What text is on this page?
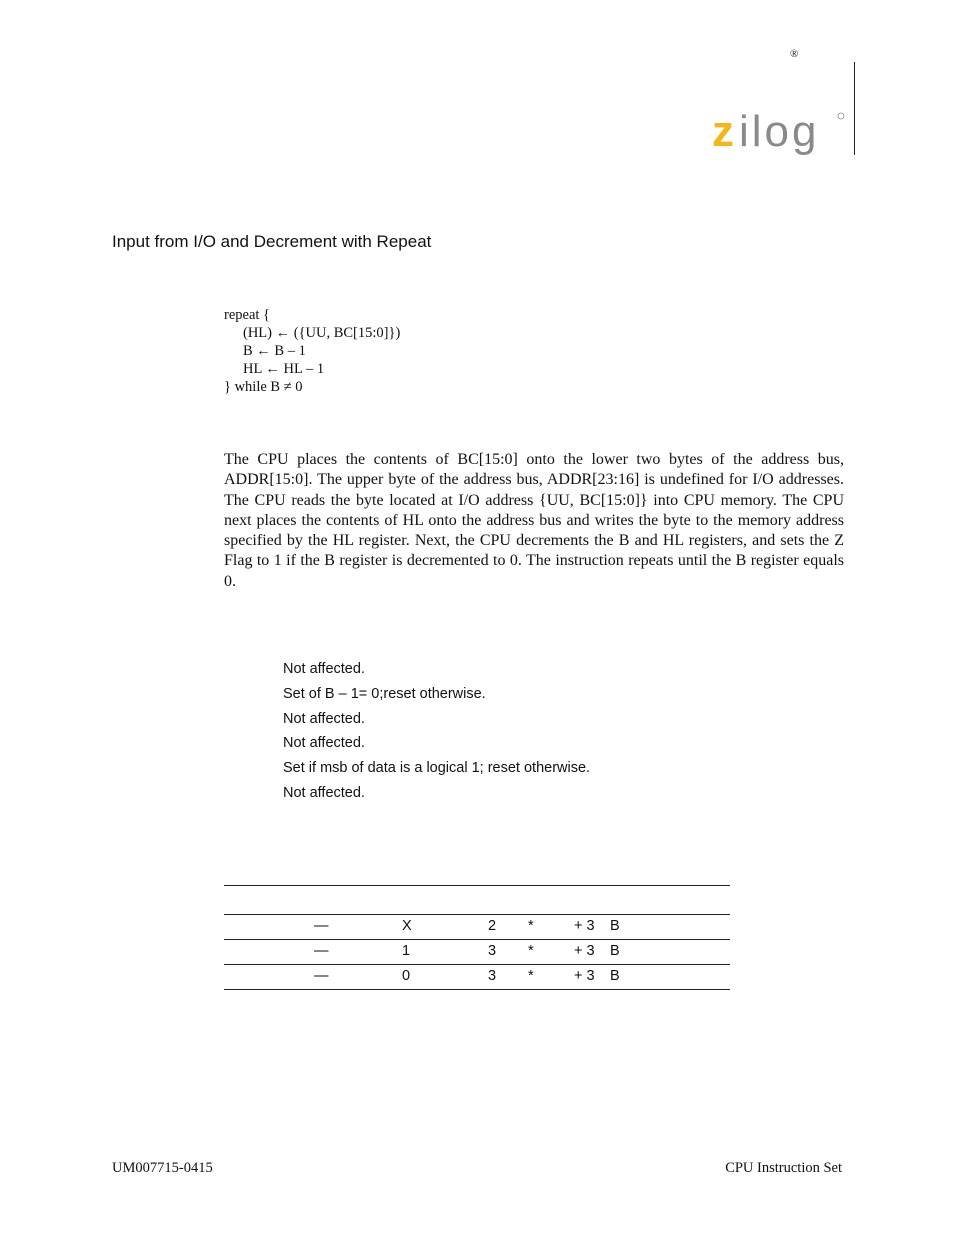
®
z ilog
Input from I/O and Decrement with Repeat
repeat {
(HL) ← ({UU, BC[15:0]})
B ← B – 1
HL ← HL – 1
} while B ≠ 0
The CPU places the contents of BC[15:0] onto the lower two bytes of the address bus, ADDR[15:0]. The upper byte of the address bus, ADDR[23:16] is undefined for I/O addresses. The CPU reads the byte located at I/O address {UU, BC[15:0]} into CPU memory. The CPU next places the contents of HL onto the address bus and writes the byte to the memory address specified by the HL register. Next, the CPU decrements the B and HL registers, and sets the Z Flag to 1 if the B register is decremented to 0. The instruction repeats until the B register equals 0.
Not affected.
Set of B – 1= 0;reset otherwise.
Not affected.
Not affected.
Set if msb of data is a logical 1; reset otherwise.
Not affected.
—	X	2 *	+ 3 B
—	1	3 *	+ 3 B
—	0	3 *	+ 3 B
UM007715-0415	CPU Instruction Set
